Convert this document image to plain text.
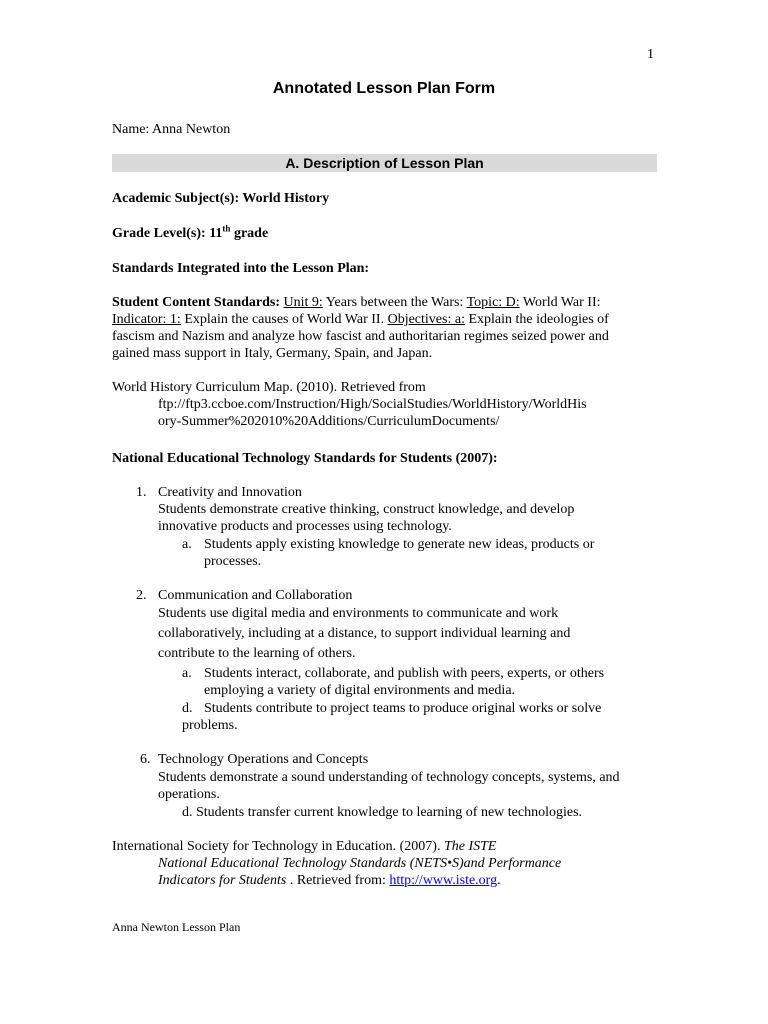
1
Annotated Lesson Plan Form
Name: Anna Newton
A. Description of Lesson Plan
Academic Subject(s): World History
Grade Level(s): 11th grade
Standards Integrated into the Lesson Plan:
Student Content Standards: Unit 9: Years between the Wars: Topic: D: World War II:
Indicator: 1: Explain the causes of World War II. Objectives: a: Explain the ideologies of
fascism and Nazism and analyze how fascist and authoritarian regimes seized power and
gained mass support in Italy, Germany, Spain, and Japan.
World History Curriculum Map. (2010). Retrieved from
ftp://ftp3.ccboe.com/Instruction/High/SocialStudies/WorldHistory/WorldHis
ory-Summer%202010%20Additions/CurriculumDocuments/
National Educational Technology Standards for Students (2007):
1. Creativity and Innovation
Students demonstrate creative thinking, construct knowledge, and develop
innovative products and processes using technology.
a. Students apply existing knowledge to generate new ideas, products or
processes.
2. Communication and Collaboration
Students use digital media and environments to communicate and work
collaboratively, including at a distance, to support individual learning and
contribute to the learning of others.
a. Students interact, collaborate, and publish with peers, experts, or others
employing a variety of digital environments and media.
d. Students contribute to project teams to produce original works or solve
problems.
6. Technology Operations and Concepts
Students demonstrate a sound understanding of technology concepts, systems, and
operations.
d. Students transfer current knowledge to learning of new technologies.
International Society for Technology in Education. (2007). The ISTE
National Educational Technology Standards (NETS•S)and Performance
Indicators for Students . Retrieved from: http://www.iste.org.
Anna Newton Lesson Plan
